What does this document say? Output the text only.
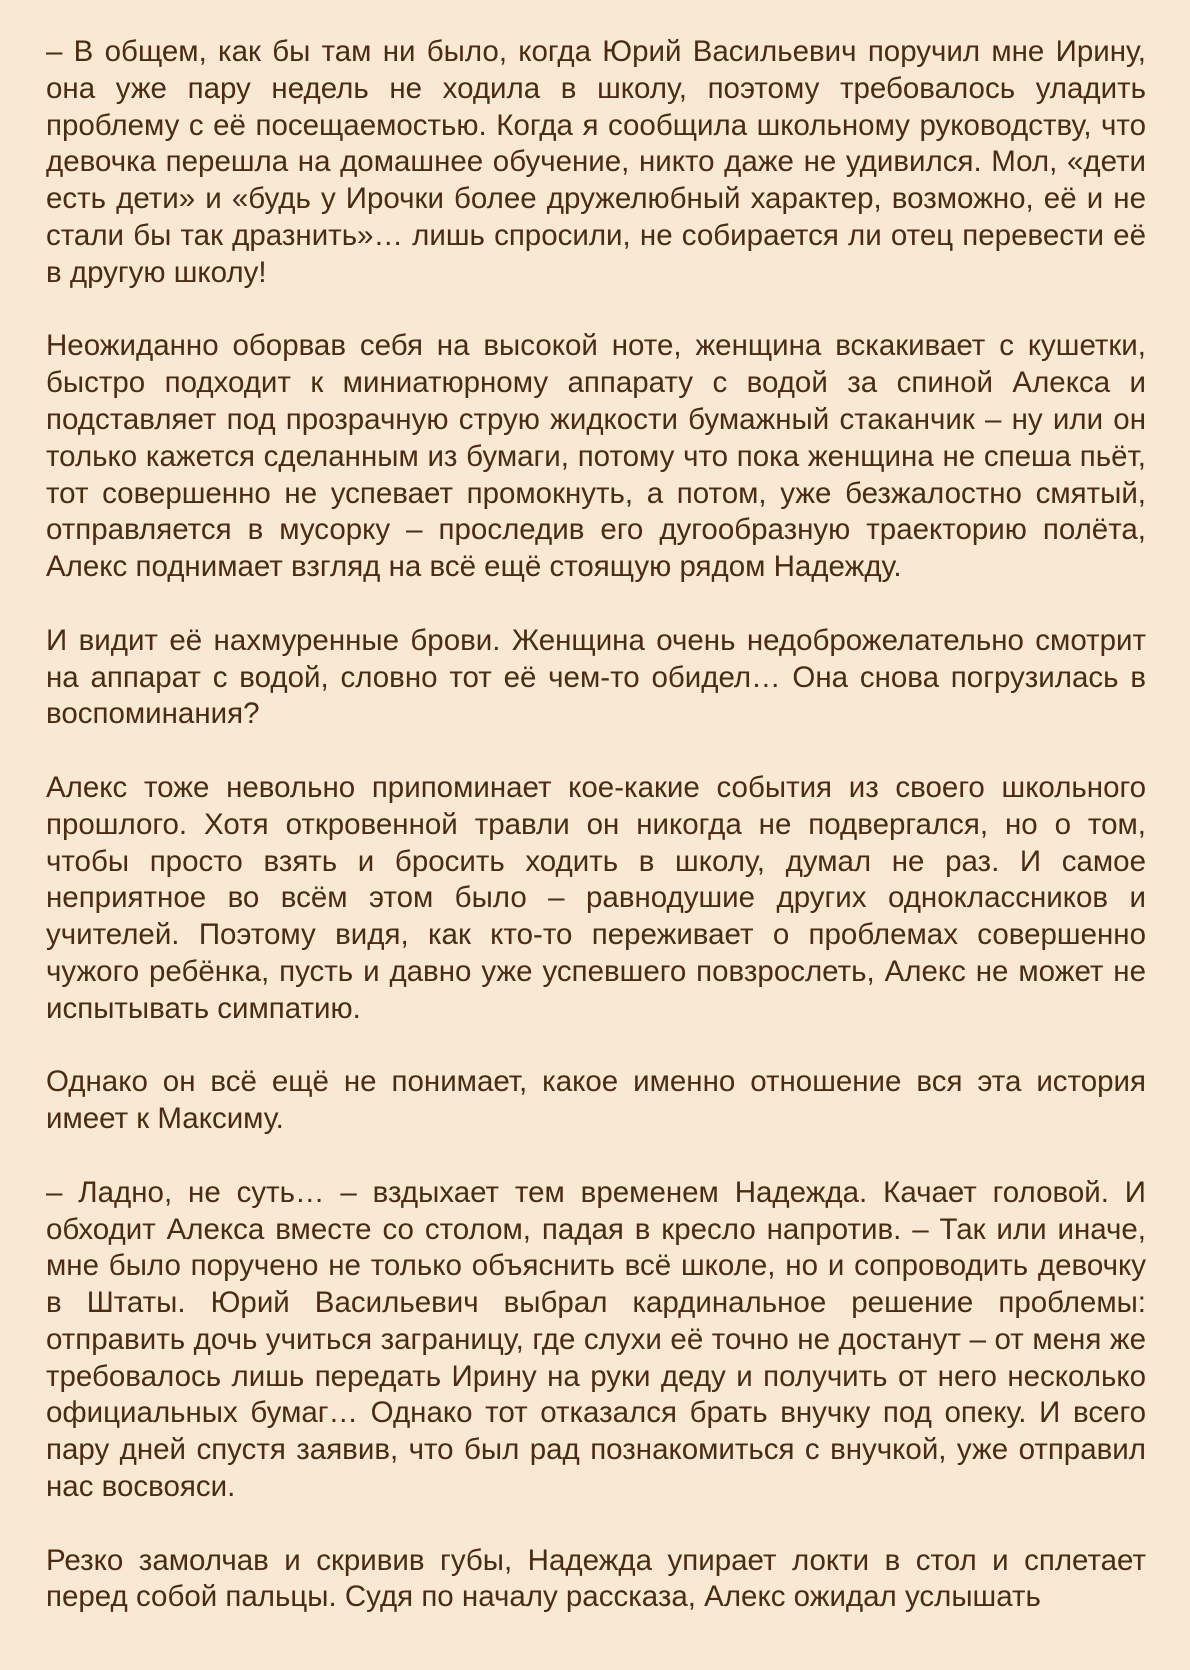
– В общем, как бы там ни было, когда Юрий Васильевич поручил мне Ирину, она уже пару недель не ходила в школу, поэтому требовалось уладить проблему с её посещаемостью. Когда я сообщила школьному руководству, что девочка перешла на домашнее обучение, никто даже не удивился. Мол, «дети есть дети» и «будь у Ирочки более дружелюбный характер, возможно, её и не стали бы так дразнить»… лишь спросили, не собирается ли отец перевести её в другую школу!

Неожиданно оборвав себя на высокой ноте, женщина вскакивает с кушетки, быстро подходит к миниатюрному аппарату с водой за спиной Алекса и подставляет под прозрачную струю жидкости бумажный стаканчик – ну или он только кажется сделанным из бумаги, потому что пока женщина не спеша пьёт, тот совершенно не успевает промокнуть, а потом, уже безжалостно смятый, отправляется в мусорку – проследив его дугообразную траекторию полёта, Алекс поднимает взгляд на всё ещё стоящую рядом Надежду.

И видит её нахмуренные брови. Женщина очень недоброжелательно смотрит на аппарат с водой, словно тот её чем-то обидел… Она снова погрузилась в воспоминания?

Алекс тоже невольно припоминает кое-какие события из своего школьного прошлого. Хотя откровенной травли он никогда не подвергался, но о том, чтобы просто взять и бросить ходить в школу, думал не раз. И самое неприятное во всём этом было – равнодушие других одноклассников и учителей. Поэтому видя, как кто-то переживает о проблемах совершенно чужого ребёнка, пусть и давно уже успевшего повзрослеть, Алекс не может не испытывать симпатию.

Однако он всё ещё не понимает, какое именно отношение вся эта история имеет к Максиму.

– Ладно, не суть… – вздыхает тем временем Надежда. Качает головой. И обходит Алекса вместе со столом, падая в кресло напротив. – Так или иначе, мне было поручено не только объяснить всё школе, но и сопроводить девочку в Штаты. Юрий Васильевич выбрал кардинальное решение проблемы: отправить дочь учиться заграницу, где слухи её точно не достанут – от меня же требовалось лишь передать Ирину на руки деду и получить от него несколько официальных бумаг… Однако тот отказался брать внучку под опеку. И всего пару дней спустя заявив, что был рад познакомиться с внучкой, уже отправил нас восвояси.

Резко замолчав и скривив губы, Надежда упирает локти в стол и сплетает перед собой пальцы. Судя по началу рассказа, Алекс ожидал услышать
